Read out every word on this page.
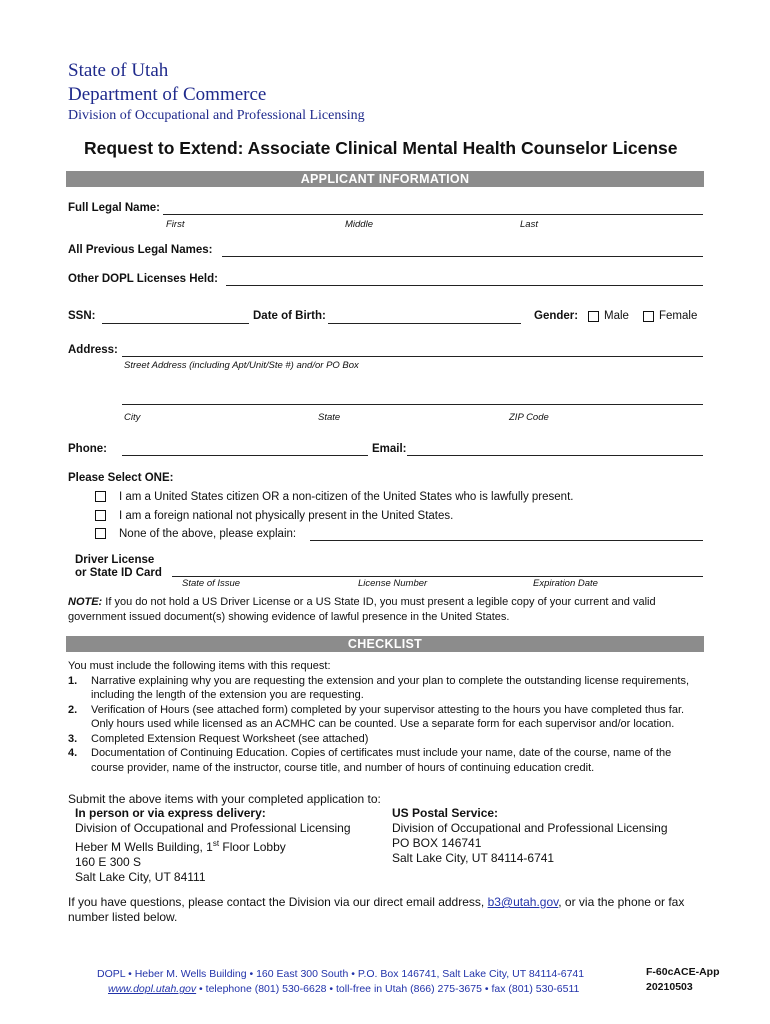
State of Utah
Department of Commerce
Division of Occupational and Professional Licensing
Request to Extend: Associate Clinical Mental Health Counselor License
APPLICANT INFORMATION
Full Legal Name:
First	Middle	Last
All Previous Legal Names:
Other DOPL Licenses Held:
SSN:	Date of Birth:	Gender: Male	Female
Address:
Street Address (including Apt/Unit/Ste #) and/or PO Box
City	State	ZIP Code
Phone:	Email:
Please Select ONE:
I am a United States citizen OR a non-citizen of the United States who is lawfully present.
I am a foreign national not physically present in the United States.
None of the above, please explain:
Driver License
or State ID Card
State of Issue	License Number	Expiration Date
NOTE: If you do not hold a US Driver License or a US State ID, you must present a legible copy of your current and valid government issued document(s) showing evidence of lawful presence in the United States.
CHECKLIST
You must include the following items with this request:
1. Narrative explaining why you are requesting the extension and your plan to complete the outstanding license requirements, including the length of the extension you are requesting.
2. Verification of Hours (see attached form) completed by your supervisor attesting to the hours you have completed thus far. Only hours used while licensed as an ACMHC can be counted. Use a separate form for each supervisor and/or location.
3. Completed Extension Request Worksheet (see attached)
4. Documentation of Continuing Education. Copies of certificates must include your name, date of the course, name of the course provider, name of the instructor, course title, and number of hours of continuing education credit.
Submit the above items with your completed application to:
In person or via express delivery:
Division of Occupational and Professional Licensing
Heber M Wells Building, 1st Floor Lobby
160 E 300 S
Salt Lake City, UT 84111
US Postal Service:
Division of Occupational and Professional Licensing
PO BOX 146741
Salt Lake City, UT 84114-6741
If you have questions, please contact the Division via our direct email address, b3@utah.gov, or via the phone or fax number listed below.
DOPL • Heber M. Wells Building • 160 East 300 South • P.O. Box 146741, Salt Lake City, UT 84114-6741
www.dopl.utah.gov • telephone (801) 530-6628 • toll-free in Utah (866) 275-3675 • fax (801) 530-6511
F-60cACE-App
20210503
